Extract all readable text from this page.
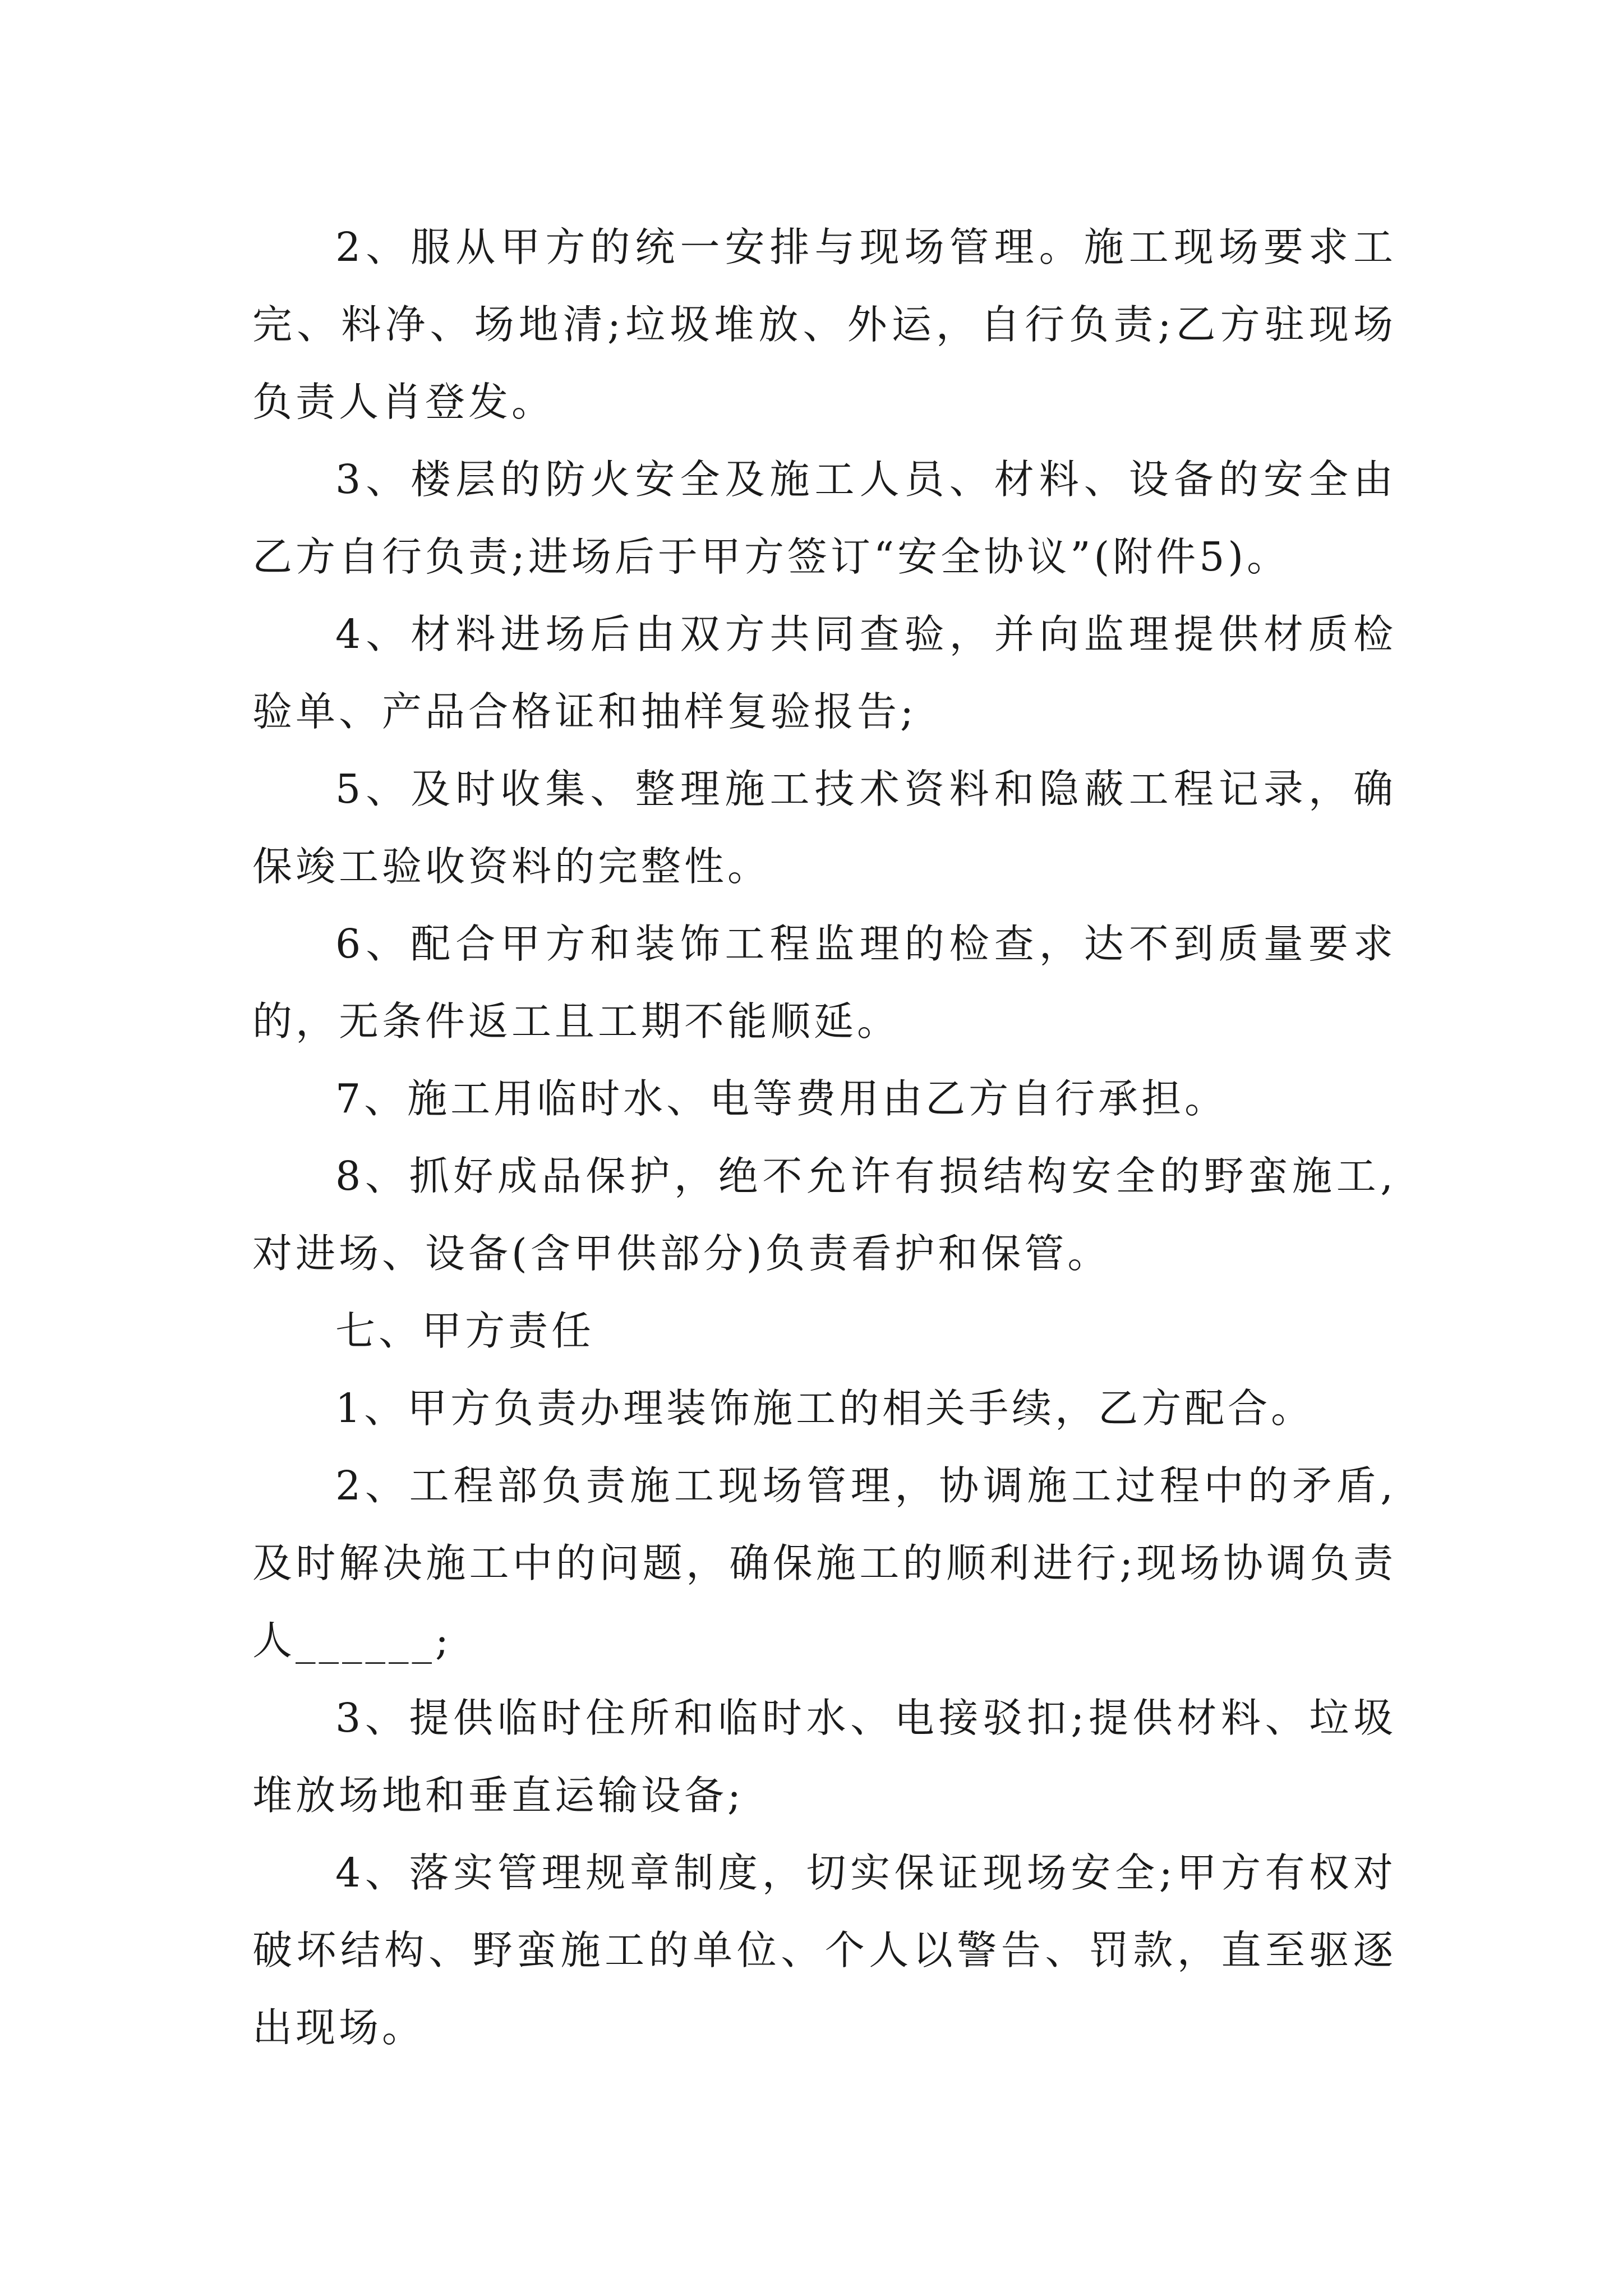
2、服从甲方的统一安排与现场管理。施工现场要求工完、料净、场地清;垃圾堆放、外运，自行负责;乙方驻现场负责人肖登发。

3、楼层的防火安全及施工人员、材料、设备的安全由乙方自行负责;进场后于甲方签订“安全协议”(附件5)。

4、材料进场后由双方共同查验，并向监理提供材质检验单、产品合格证和抽样复验报告;

5、及时收集、整理施工技术资料和隐蔽工程记录，确保竣工验收资料的完整性。

6、配合甲方和装饰工程监理的检查，达不到质量要求的，无条件返工且工期不能顺延。

7、施工用临时水、电等费用由乙方自行承担。

8、抓好成品保护，绝不允许有损结构安全的野蛮施工,对进场、设备(含甲供部分)负责看护和保管。

七、甲方责任

1、甲方负责办理装饰施工的相关手续，乙方配合。

2、工程部负责施工现场管理，协调施工过程中的矛盾,及时解决施工中的问题，确保施工的顺利进行;现场协调负责人______;

3、提供临时住所和临时水、电接驳扣;提供材料、垃圾堆放场地和垂直运输设备;

4、落实管理规章制度，切实保证现场安全;甲方有权对破坏结构、野蛮施工的单位、个人以警告、罚款，直至驱逐出现场。
